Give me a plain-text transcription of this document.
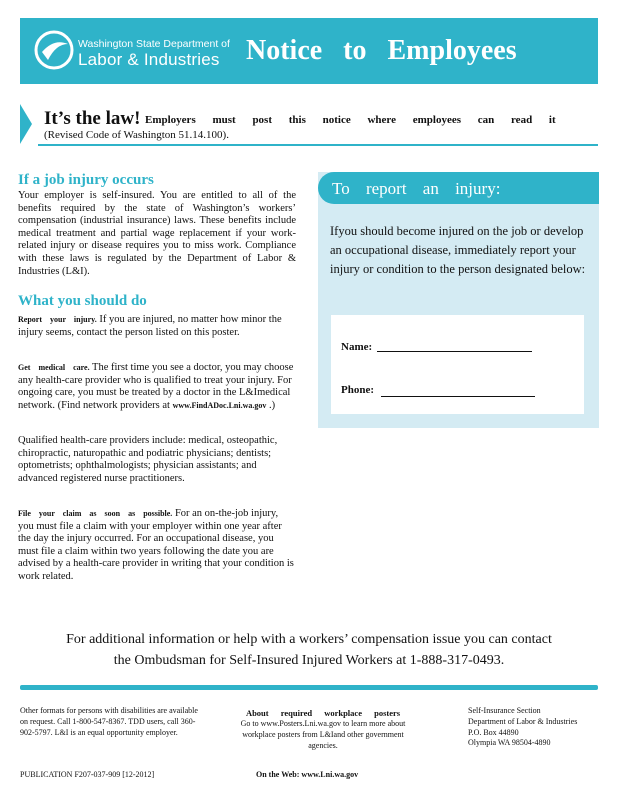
Washington State Department of
Labor & Industries Notice to Employees
It’s the law! Employers must post this notice where employees can read it
(Revised Code of Washington 51.14.100).
If a job injury occurs
Your employer is self-insured. You are entitled to all of the benefits required by the state of Washington’s workers’ compensation (industrial insurance) laws. These benefits include medical treatment and partial wage replacement if your work-related injury or disease requires you to miss work. Compliance with these laws is regulated by the Department of Labor & Industries (L&I).
What you should do
Report your injury. If you are injured, no matter how minor the injury seems, contact the person listed on this poster.
Get medical care. The first time you see a doctor, you may choose any health-care provider who is qualified to treat your injury. For ongoing care, you must be treated by a doctor in the L&Imedical network. (Find network providers at www.FindADoc.Lni.wa.gov .)
Qualified health-care providers include: medical, osteopathic, chiropractic, naturopathic and podiatric physicians; dentists; optometrists; ophthalmologists; physician assistants; and advanced registered nurse practitioners.
File your claim as soon as possible. For an on-the-job injury, you must file a claim with your employer within one year after the day the injury occurred. For an occupational disease, you must file a claim within two years following the date you are advised by a health-care provider in writing that your condition is work related.
To report an injury:
Ifyou should become injured on the job or develop an occupational disease, immediately report your injury or condition to the person designated below:
Name:
Phone:
For additional information or help with a workers’ compensation issue you can contact
the Ombudsman for Self-Insured Injured Workers at 1-888-317-0493.
Other formats for persons with disabilities are available on request. Call 1-800-547-8367. TDD users, call 360-902-5797. L&I is an equal opportunity employer.
About required workplace posters
Go to www.Posters.Lni.wa.gov to learn more about workplace posters from L&Iand other government agencies.
Self-Insurance Section
Department of Labor & Industries
P.O. Box 44890
Olympia WA 98504-4890
PUBLICATION F207-037-909 [12-2012]	On the Web: www.Lni.wa.gov
